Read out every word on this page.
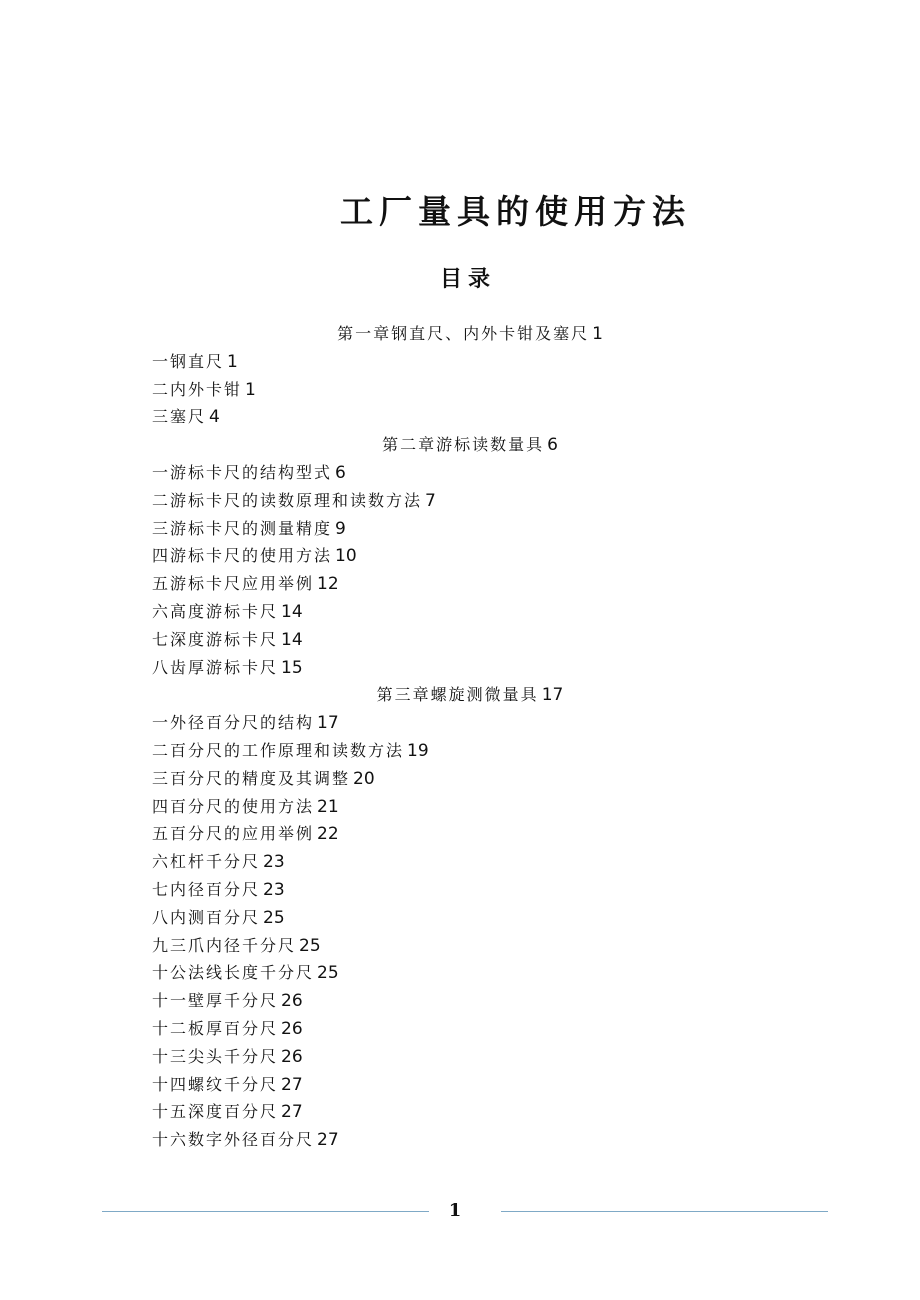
工厂量具的使用方法
目录
第一章钢直尺、内外卡钳及塞尺 1
一钢直尺 1
二内外卡钳 1
三塞尺 4
第二章游标读数量具 6
一游标卡尺的结构型式 6
二游标卡尺的读数原理和读数方法 7
三游标卡尺的测量精度 9
四游标卡尺的使用方法 10
五游标卡尺应用举例 12
六高度游标卡尺 14
七深度游标卡尺 14
八齿厚游标卡尺 15
第三章螺旋测微量具 17
一外径百分尺的结构 17
二百分尺的工作原理和读数方法 19
三百分尺的精度及其调整 20
四百分尺的使用方法 21
五百分尺的应用举例 22
六杠杆千分尺 23
七内径百分尺 23
八内测百分尺 25
九三爪内径千分尺 25
十公法线长度千分尺 25
十一壁厚千分尺 26
十二板厚百分尺 26
十三尖头千分尺 26
十四螺纹千分尺 27
十五深度百分尺 27
十六数字外径百分尺 27
1
